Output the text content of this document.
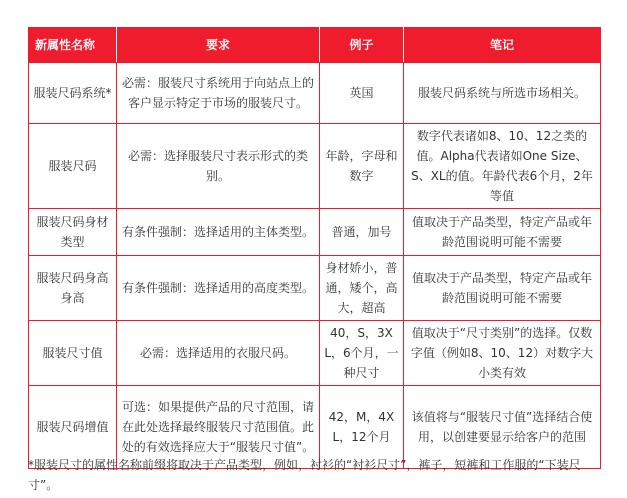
新属性名称	要求	例子	笔记
服装尺码系统*	必需：服装尺寸系统用于向站点上的客户显示特定于市场的服装尺寸。	英国	服装尺码系统与所选市场相关。
服装尺码	必需：选择服装尺寸表示形式的类别。	年龄，字母和数字	数字代表诸如8、10、12之类的值。Alpha代表诸如One Size、S、XL的值。年龄代表6个月，2年等值
服装尺码身材类型	有条件强制：选择适用的主体类型。	普通，加号	值取决于产品类型，特定产品或年龄范围说明可能不需要
服装尺码身高身高	有条件强制：选择适用的高度类型。	身材娇小，普通，矮个，高大，超高	值取决于产品类型，特定产品或年龄范围说明可能不需要
服装尺寸值	必需：选择适用的衣服尺码。	40，S，3XL，6个月，一种尺寸	值取决于“尺寸类别”的选择。仅数字值（例如8、10、12）对数字大小类有效
服装尺码增值	可选：如果提供产品的尺寸范围，请在此处选择最终服装尺寸范围值。此处的有效选择应大于“服装尺寸值”。	42，M，4XL，12个月	该值将与“服装尺寸值”选择结合使用，以创建要显示给客户的范围
*服装尺寸的属性名称前缀将取决于产品类型，例如，衬衫的“衬衫尺寸”，裤子，短裤和工作服的“下装尺寸”。
